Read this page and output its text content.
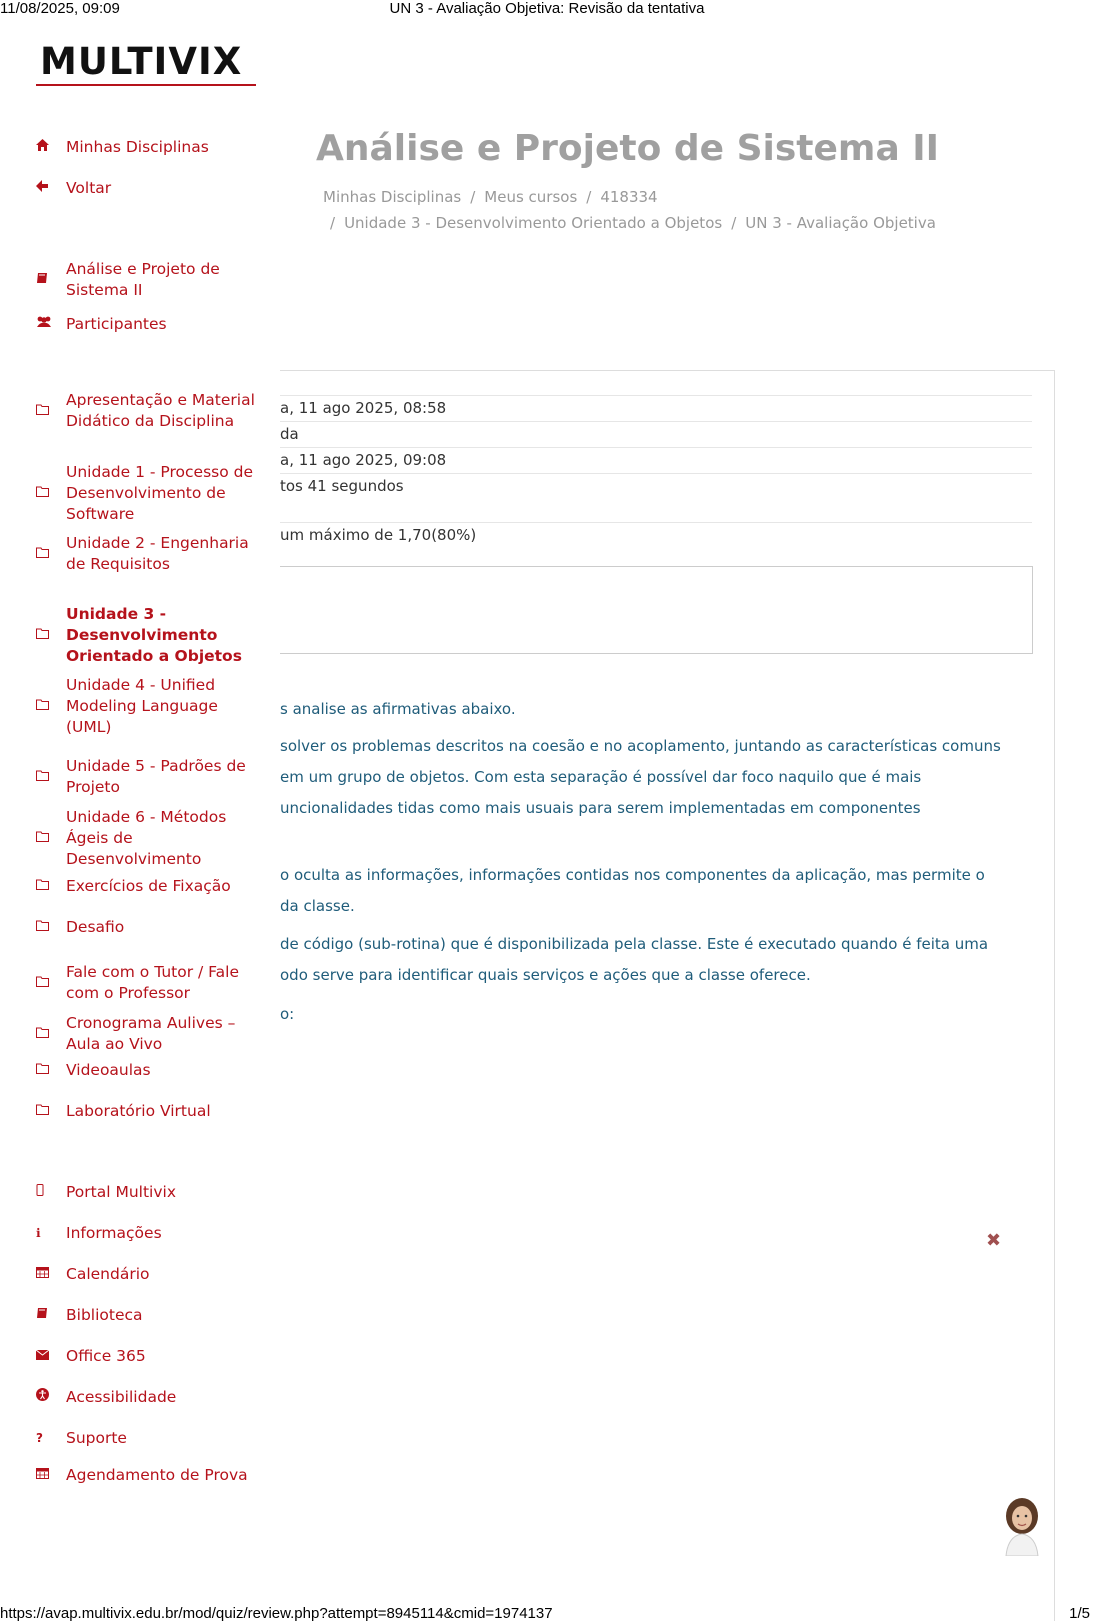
11/08/2025, 09:09	UN 3 - Avaliação Objetiva: Revisão da tentativa
MULTIVIX
Minhas Disciplinas
Voltar
Análise e Projeto de Sistema II
Participantes
Apresentação e Material Didático da Disciplina
Unidade 1 - Processo de Desenvolvimento de Software
Unidade 2 - Engenharia de Requisitos
Unidade 3 - Desenvolvimento Orientado a Objetos
Unidade 4 - Unified Modeling Language (UML)
Unidade 5 - Padrões de Projeto
Unidade 6 - Métodos Ágeis de Desenvolvimento
Exercícios de Fixação
Desafio
Fale com o Tutor / Fale com o Professor
Cronograma Aulives – Aula ao Vivo
Videoaulas
Laboratório Virtual
Portal Multivix
ℹ	Informações
Calendário
Biblioteca
Office 365
Acessibilidade
?	Suporte
Agendamento de Prova
Análise e Projeto de Sistema II
Minhas Disciplinas / Meus cursos / 418334
/ Unidade 3 - Desenvolvimento Orientado a Objetos / UN 3 - Avaliação Objetiva
a, 11 ago 2025, 08:58
da
a, 11 ago 2025, 09:08
tos 41 segundos
um máximo de 1,70(80%)
s analise as afirmativas abaixo.
solver os problemas descritos na coesão e no acoplamento, juntando as características comuns
em um grupo de objetos. Com esta separação é possível dar foco naquilo que é mais
uncionalidades tidas como mais usuais para serem implementadas em componentes
o oculta as informações, informações contidas nos componentes da aplicação, mas permite o
da classe.
de código (sub-rotina) que é disponibilizada pela classe. Este é executado quando é feita uma
odo serve para identificar quais serviços e ações que a classe oferece.
o:
✖
https://avap.multivix.edu.br/mod/quiz/review.php?attempt=8945114&cmid=1974137	1/5
